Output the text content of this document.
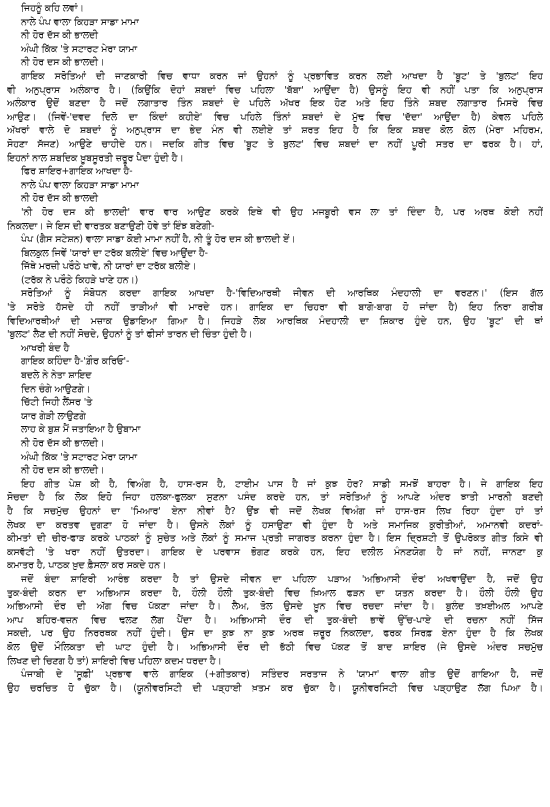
ਜਿਹਨੂੰ ਕਹਿ ਲਵਾਂ।
ਨਾਲੇ ਪੰਪ ਵਾਲਾ ਕਿਹੜਾ ਸਾਡਾ ਮਾਮਾ
ਨੀ ਹੋਰ ਦੱਸ ਕੀ ਭਾਲਦੀ
ਅੰਘੀ ਕਿੱਕ 'ਤੇ ਸਟਾਰਟ ਮੇਰਾ ਯਾਮਾ
ਨੀ ਹੋਰ ਦਸ ਕੀ ਭਾਲਦੀ।
ਗਾਇਕ ਸਰੋਤਿਆਂ ਦੀ ਜਾਣਕਾਰੀ ਵਿਚ ਵਾਧਾ ਕਰਨ ਜਾਂ ਉਹਨਾਂ ਨੂੰ ਪ੍ਰਭਾਵਿਤ ਕਰਨ ਲਈ ਆਖਦਾ ਹੈ 'ਬੂਟ' ਤੇ 'ਬੁਲਟ' ਇਹ
ਵੀ ਅਨੁਪ੍ਰਾਸ ਅਲੰਕਾਰ ਹੈ। (ਕਿਉਂਕਿ ਦੋਹਾਂ ਸ਼ਬਦਾਂ ਵਿਚ ਪਹਿਲਾ 'ਬੱਬਾ' ਆਉਂਦਾ ਹੈ) ਉਸਨੂੰ ਇਹ ਵੀ ਨਹੀਂ ਪਤਾ ਕਿ ਅਨੁਪ੍ਰਾਸ
ਅਲੰਕਾਰ ਉਦੋਂ ਬਣਦਾ ਹੈ ਜਦੋਂ ਲਗਾਤਾਰ ਤਿੰਨ ਸ਼ਬਦਾਂ ਦੇ ਪਹਿਲੇ ਅੱਖਰ ਇਕ ਹੋਣ ਅਤੇ ਇਹ ਤਿੰਨੇ ਸ਼ਬਦ ਲਗਾਤਾਰ ਮਿਸਰੇ ਵਿਚ
ਆਉਣ। (ਜਿਵੇਂ-'ਦਵਦ ਦਿਲੋ ਦਾ ਕਿੰਦਾਂ ਕਹੀਏ' ਵਿਚ ਪਹਿਲੇ ਤਿੰਨਾਂ ਸ਼ਬਦਾਂ ਦੇ ਮੁੱਢ ਵਿਚ 'ਦੱਦਾ' ਆਉਂਦਾ ਹੈ) ਕੇਵਲ ਪਹਿਲੇ
ਅੱਖਰਾਂ ਵਾਲੇ ਦੋ ਸ਼ਬਦਾਂ ਨੂੰ ਅਨੁਪ੍ਰਾਸ ਦਾ ਭੇਦ ਮੰਨ ਵੀ ਲਈਏ ਤਾਂ ਸ਼ਰਤ ਇਹ ਹੈ ਕਿ ਇਕ ਸ਼ਬਦ ਕੋਲ ਕੋਲ (ਮੇਰਾ ਮਹਿਰਮ,
ਸੋਹਣਾ ਸੱਜਣ) ਆਉਣੇ ਚਾਹੀਦੇ ਹਨ। ਜਦਕਿ ਗੀਤ ਵਿਚ 'ਬੂਟ ਤੇ ਬੁਲਟ' ਵਿਚ ਸ਼ਬਦਾਂ ਦਾ ਨਹੀਂ ਪੂਰੀ ਸਤਰ ਦਾ ਫਰਕ ਹੈ। ਹਾਂ,
ਇਹਨਾਂ ਨਾਲ ਸ਼ਬਦਿਕ ਖ਼ੂਬਸੂਰਤੀ ਜ਼ਰੂਰ ਪੈਦਾ ਹੁੰਦੀ ਹੈ।
ਫਿਰ ਸ਼ਾਇਰ+ਗਾਇਕ ਆਖਦਾ ਹੈ-
ਨਾਲੇ ਪੰਪ ਵਾਲਾ ਕਿਹੜਾ ਸਾਡਾ ਮਾਮਾ
ਨੀ ਹੋਰ ਦੱਸ ਕੀ ਭਾਲਦੀ
'ਨੀ ਹੋਰ ਦਸ ਕੀ ਭਾਲਦੀ' ਵਾਰ ਵਾਰ ਆਉਣ ਕਰਕੇ ਇਥੇ ਵੀ ਉਹ ਮਜਬੂਰੀ ਵਸ ਲਾ ਤਾਂ ਦਿੰਦਾ ਹੈ, ਪਰ ਅਰਥ ਕੋਈ ਨਹੀਂ
ਨਿਕਲਦਾ। ਜੇ ਇਸ ਦੀ ਵਾਰਤਕ ਬਣਾਉਣੀ ਹੋਵੇ ਤਾਂ ਇੰਝ ਬਣੇਗੀ-
ਪੰਪ (ਗੈਸ ਸਟੇਸ਼ਨ) ਵਾਲਾ ਸਾਡਾ ਕੋਈ ਮਾਮਾ ਨਹੀਂ ਹੈ, ਨੀ ਤੂੰ ਹੋਰ ਦਸ ਕੀ ਭਾਲਦੀ ਏਂ।
ਬਿਲਕੁਲ ਜਿਵੇਂ 'ਯਾਰਾਂ ਦਾ ਟਰੱਕ ਬਲੀਏ' ਵਿਚ ਆਉਂਦਾ ਹੈ-
ਜਿੱਥੇ ਮਰਜ਼ੀ ਪਰੌਠੇ ਖਾਵੇ, ਨੀ ਯਾਰਾਂ ਦਾ ਟਰੱਕ ਬਲੀਏ।
(ਟਰੱਕ ਨੇ ਪਰੌਠੇ ਕਿਹੜੇ ਖਾਣੇ ਹਨ।)
ਸਰੋਤਿਆਂ ਨੂੰ ਸੰਬੋਧਨ ਕਰਦਾ ਗਾਇਕ ਆਖਦਾ ਹੈ-'ਵਿਦਿਆਰਥੀ ਜੀਵਨ ਦੀ ਆਰਥਿਕ ਮੰਦਹਾਲੀ ਦਾ ਵਰਣਨ।' (ਇਸ ਗੱਲ
'ਤੇ ਸਰੋਤੇ ਹੱਸਦੇ ਹੀ ਨਹੀਂ ਤਾੜੀਆਂ ਵੀ ਮਾਰਦੇ ਹਨ। ਗਾਇਕ ਦਾ ਚਿਹਰਾ ਵੀ ਬਾਗੋ-ਬਾਗ ਹੋ ਜਾਂਦਾ ਹੈ) ਇਹ ਨਿਰਾ ਗਰੀਬ
ਵਿਦਿਆਰਥੀਆਂ ਦੀ ਮਜ਼ਾਕ ਉਡਾਇਆ ਗਿਆ ਹੈ। ਜਿਹੜੇ ਲੋਕ ਆਰਥਿਕ ਮੰਦਹਾਲੀ ਦਾ ਸ਼ਿਕਾਰ ਹੁੰਦੇ ਹਨ, ਉਹ 'ਬੂਟ' ਦੀ ਥਾਂ
'ਬੁਲਟ' ਲੈਣ ਦੀ ਨਹੀਂ ਸੋਚਦੇ, ਉਹਨਾਂ ਨੂੰ ਤਾਂ ਫੀਸਾਂ ਤਾਰਨ ਦੀ ਚਿੰਤਾ ਹੁੰਦੀ ਹੈ।
ਆਖਰੀ ਬੰਦ ਹੈ
ਗਾਇਕ ਕਹਿੰਦਾ ਹੈ-'ਗ਼ੌਰ ਕਰਿਓ'-
ਬਦਲੇ ਨੇ ਨੇਤਾ ਸ਼ਾਇਦ
ਦਿਨ ਚੰਗੇ ਆਉਣਗੇ।
ਚਿੱਟੀ ਜਿਹੀ ਲੈਂਸਰ 'ਤੇ
ਯਾਰ ਗੇੜੀ ਲਾਉਣਗੇ
ਲਾਹ ਕੇ ਬੁਸ਼ ਮੈਂ ਜਤਾਇਆ ਹੈ ਉਬਾਮਾ
ਨੀ ਹੋਰ ਦੱਸ ਕੀ ਭਾਲਦੀ।
ਅੰਘੀ ਕਿੱਕ 'ਤੇ ਸਟਾਰਟ ਮੇਰਾ ਯਾਮਾ
ਨੀ ਹੋਰ ਦਸ ਕੀ ਭਾਲਦੀ।
ਇਹ ਗੀਤ ਪੇਸ਼ ਕੀ ਹੈ, ਵਿਅੰਗ ਹੈ, ਹਾਸ-ਰਸ ਹੈ, ਟਾਈਮ ਪਾਸ ਹੈ ਜਾਂ ਕੁਝ ਹੋਰ? ਸਾਡੀ ਸਮਝੋਂ ਬਾਹਰਾ ਹੈ। ਜੇ ਗਾਇਕ ਇਹ
ਸੋਚਦਾ ਹੈ ਕਿ ਲੋਕ ਇਹੋ ਜਿਹਾ ਹਲਕਾ-ਫੁਲਕਾ ਸੁਣਨਾ ਪਸੰਦ ਕਰਦੇ ਹਨ, ਤਾਂ ਸਰੋਤਿਆਂ ਨੂੰ ਆਪਣੇ ਅੰਦਰ ਝਾਤੀ ਮਾਰਨੀ ਬਣਦੀ
ਹੈ ਕਿ ਸਚਮੁੱਚ ਉਹਨਾਂ ਦਾ 'ਮਿਆਰ' ਏਨਾ ਨੀਵਾਂ ਹੈ? ਉਂਝ ਵੀ ਜਦੋਂ ਲੇਖਕ ਵਿਅੰਗ ਜਾਂ ਹਾਸ-ਰਸ ਲਿਖ ਰਿਹਾ ਹੁੰਦਾ ਹਾਂ ਤਾਂ
ਲੇਖਕ ਦਾ ਕਰਤਵ ਦੁਗਣਾ ਹੋ ਜਾਂਦਾ ਹੈ। ਉਸਨੇ ਲੋਕਾਂ ਨੂੰ ਹਸਾਉਣਾ ਵੀ ਹੁੰਦਾ ਹੈ ਅਤੇ ਸਮਾਜਿਕ ਕੁਰੀਤੀਆਂ, ਅਮਾਨਵੀ ਕਦਰਾਂ-
ਕੀਮਤਾਂ ਦੀ ਚੀਰ-ਫਾੜ ਕਰਕੇ ਪਾਠਕਾਂ ਨੂੰ ਸੁਚੇਤ ਅਤੇ ਲੋਕਾਂ ਨੂੰ ਸਮਾਜ ਪ੍ਰਤੀ ਜਾਗਰਤ ਕਰਨਾ ਹੁੰਦਾ ਹੈ। ਇਸ ਦ੍ਰਿਸ਼ਟੀ ਤੋਂ ਉਪਰੋਕਤ ਗੀਤ ਕਿਸੇ ਵੀ
ਕਸਵੱਟੀ 'ਤੇ ਖਰਾ ਨਹੀਂ ਉਤਰਦਾ। ਗਾਇਕ ਦੇ ਪਰਵਾਸ ਭੋਗਣ ਕਰਕੇ ਹਨ, ਇਹ ਦਲੀਲ ਮੰਨਣਯੋਗ ਹੈ ਜਾਂ ਨਹੀਂ, ਜਾਨਣਾ ਕੁ
ਕਮਾਤਰ ਹੈ, ਪਾਠਕ ਖ਼ੁਦ ਫ਼ੈਸਲਾ ਕਰ ਸਕਦੇ ਹਨ।
ਜਦੋਂ ਬੰਦਾ ਸ਼ਾਇਰੀ ਆਰੰਭ ਕਰਦਾ ਹੈ ਤਾਂ ਉਸਦੇ ਜੀਵਨ ਦਾ ਪਹਿਲਾ ਪੜਾਅ 'ਅਭਿਆਸੀ ਦੌਰ' ਅਖਵਾਉਂਦਾ ਹੈ, ਜਦੋਂ ਉਹ
ਤੁਕ-ਬੰਦੀ ਕਰਨ ਦਾ ਅਭਿਆਸ ਕਰਦਾ ਹੈ, ਹੌਲੀ ਹੌਲੀ ਤੁਕ-ਬੰਦੀ ਵਿਚ ਖ਼ਿਆਲ ਫੜਨ ਦਾ ਯਤਨ ਕਰਦਾ ਹੈ। ਹੌਲੀ ਹੌਲੀ ਉਹ
ਅਭਿਆਸੀ ਦੌਰ ਦੀ ਅੱਗ ਵਿਚ ਪੱਕਣਾ ਜਾਂਦਾ ਹੈ। ਲੈਅ, ਤੋਲ ਉਸਦੇ ਖ਼ੂਨ ਵਿਚ ਰਚਦਾ ਜਾਂਦਾ ਹੈ। ਬੁਲੰਦ ਤਖ਼ਈਅਲ ਆਪਣੇ
ਆਪ ਬਹਿਰ-ਵਜ਼ਨ ਵਿਚ ਢਲਣ ਲੱਗ ਪੈਂਦਾ ਹੈ। ਅਭਿਆਸੀ ਦੌਰ ਦੀ ਤੁਕ-ਬੰਦੀ ਭਾਵੇਂ ਉੱਚ-ਪਾਏ ਦੀ ਰਚਨਾ ਨਹੀਂ ਸਿੱਜ
ਸਕਦੀ, ਪਰ ਉਹ ਨਿਰਰਥਕ ਨਹੀਂ ਹੁੰਦੀ। ਉਸ ਦਾ ਕੁਝ ਨਾ ਕੁਝ ਅਰਥ ਜ਼ਰੂਰ ਨਿਕਲਦਾ, ਫਰਕ ਸਿਰਫ਼ ਏਨਾ ਹੁੰਦਾ ਹੈ ਕਿ ਲੇਖਕ
ਕੋਲ ਉਦੋਂ ਮੌਲਿਕਤਾ ਦੀ ਘਾਟ ਹੁੰਦੀ ਹੈ। ਅਭਿਆਸੀ ਦੌਰ ਦੀ ਭੱਠੀ ਵਿਚ ਪੱਕਣ ਤੋਂ ਬਾਦ ਸ਼ਾਇਰ (ਜੇ ਉਸਦੇ ਅੰਦਰ ਸਚਮੁੱਚ
ਲਿਖਣ ਦੀ ਚਿਣਗ ਹੈ ਤਾਂ) ਸ਼ਾਇਰੀ ਵਿਚ ਪਹਿਲਾ ਕਦਮ ਧਰਦਾ ਹੈ।
ਪੰਜਾਬੀ ਦੇ 'ਸੂਫ਼ੀ' ਪ੍ਰਭਾਵ ਵਾਲੇ ਗਾਇਕ (+ਗੀਤਕਾਰ) ਸਤਿੰਦਰ ਸਰਤਾਜ ਨੇ 'ਯਾਮਾ' ਵਾਲਾ ਗੀਤ ਉਦੋਂ ਗਾਇਆ ਹੈ, ਜਦੋਂ
ਉਹ ਚਰਚਿਤ ਹੋ ਚੁੱਕਾ ਹੈ। (ਯੂਨੀਵਰਸਿਟੀ ਦੀ ਪੜ੍ਹਾਈ ਖ਼ਤਮ ਕਰ ਚੁੱਕਾ ਹੈ। ਯੂਨੀਵਰਸਿਟੀ ਵਿਚ ਪੜ੍ਹਾਉਣ ਲੱਗ ਪਿਆ ਹੈ।
